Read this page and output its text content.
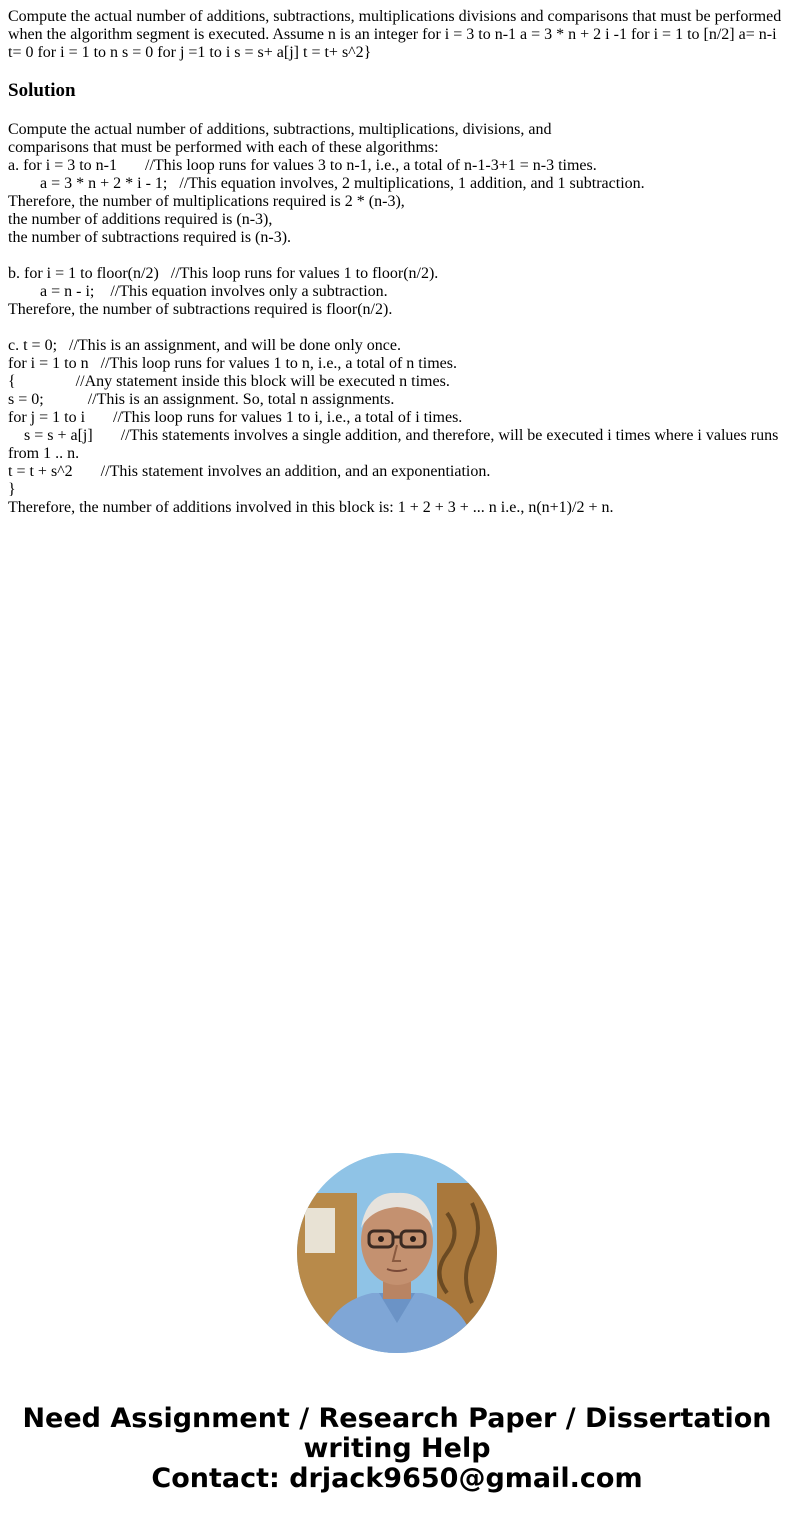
Compute the actual number of additions, subtractions, multiplications divisions and comparisons that must be performed when the algorithm segment is executed. Assume n is an integer for i = 3 to n-1 a = 3 * n + 2 i -1 for i = 1 to [n/2] a= n-i t= 0 for i = 1 to n s = 0 for j =1 to i s = s+ a[j] t = t+ s^2}

Solution
Compute the actual number of additions, subtractions, multiplications, divisions, and
comparisons that must be performed with each of these algorithms:
a. for i = 3 to n-1       //This loop runs for values 3 to n-1, i.e., a total of n-1-3+1 = n-3 times.
a = 3 * n + 2 * i - 1;   //This equation involves, 2 multiplications, 1 addition, and 1 subtraction.
Therefore, the number of multiplications required is 2 * (n-3),
the number of additions required is (n-3),
the number of subtractions required is (n-3).
b. for i = 1 to floor(n/2)   //This loop runs for values 1 to floor(n/2).
a = n - i;    //This equation involves only a subtraction.
Therefore, the number of subtractions required is floor(n/2).
c. t = 0;   //This is an assignment, and will be done only once.
for i = 1 to n   //This loop runs for values 1 to n, i.e., a total of n times.
{               //Any statement inside this block will be executed n times.
s = 0;           //This is an assignment. So, total n assignments.
for j = 1 to i       //This loop runs for values 1 to i, i.e., a total of i times.
s = s + a[j]       //This statements involves a single addition, and therefore, will be executed i times where i values runs
from 1 .. n.
t = t + s^2       //This statement involves an addition, and an exponentiation.
}
Therefore, the number of additions involved in this block is: 1 + 2 + 3 + ... n i.e., n(n+1)/2 + n.
Need Assignment / Research Paper / Dissertation
writing Help
Contact: drjack9650@gmail.com
